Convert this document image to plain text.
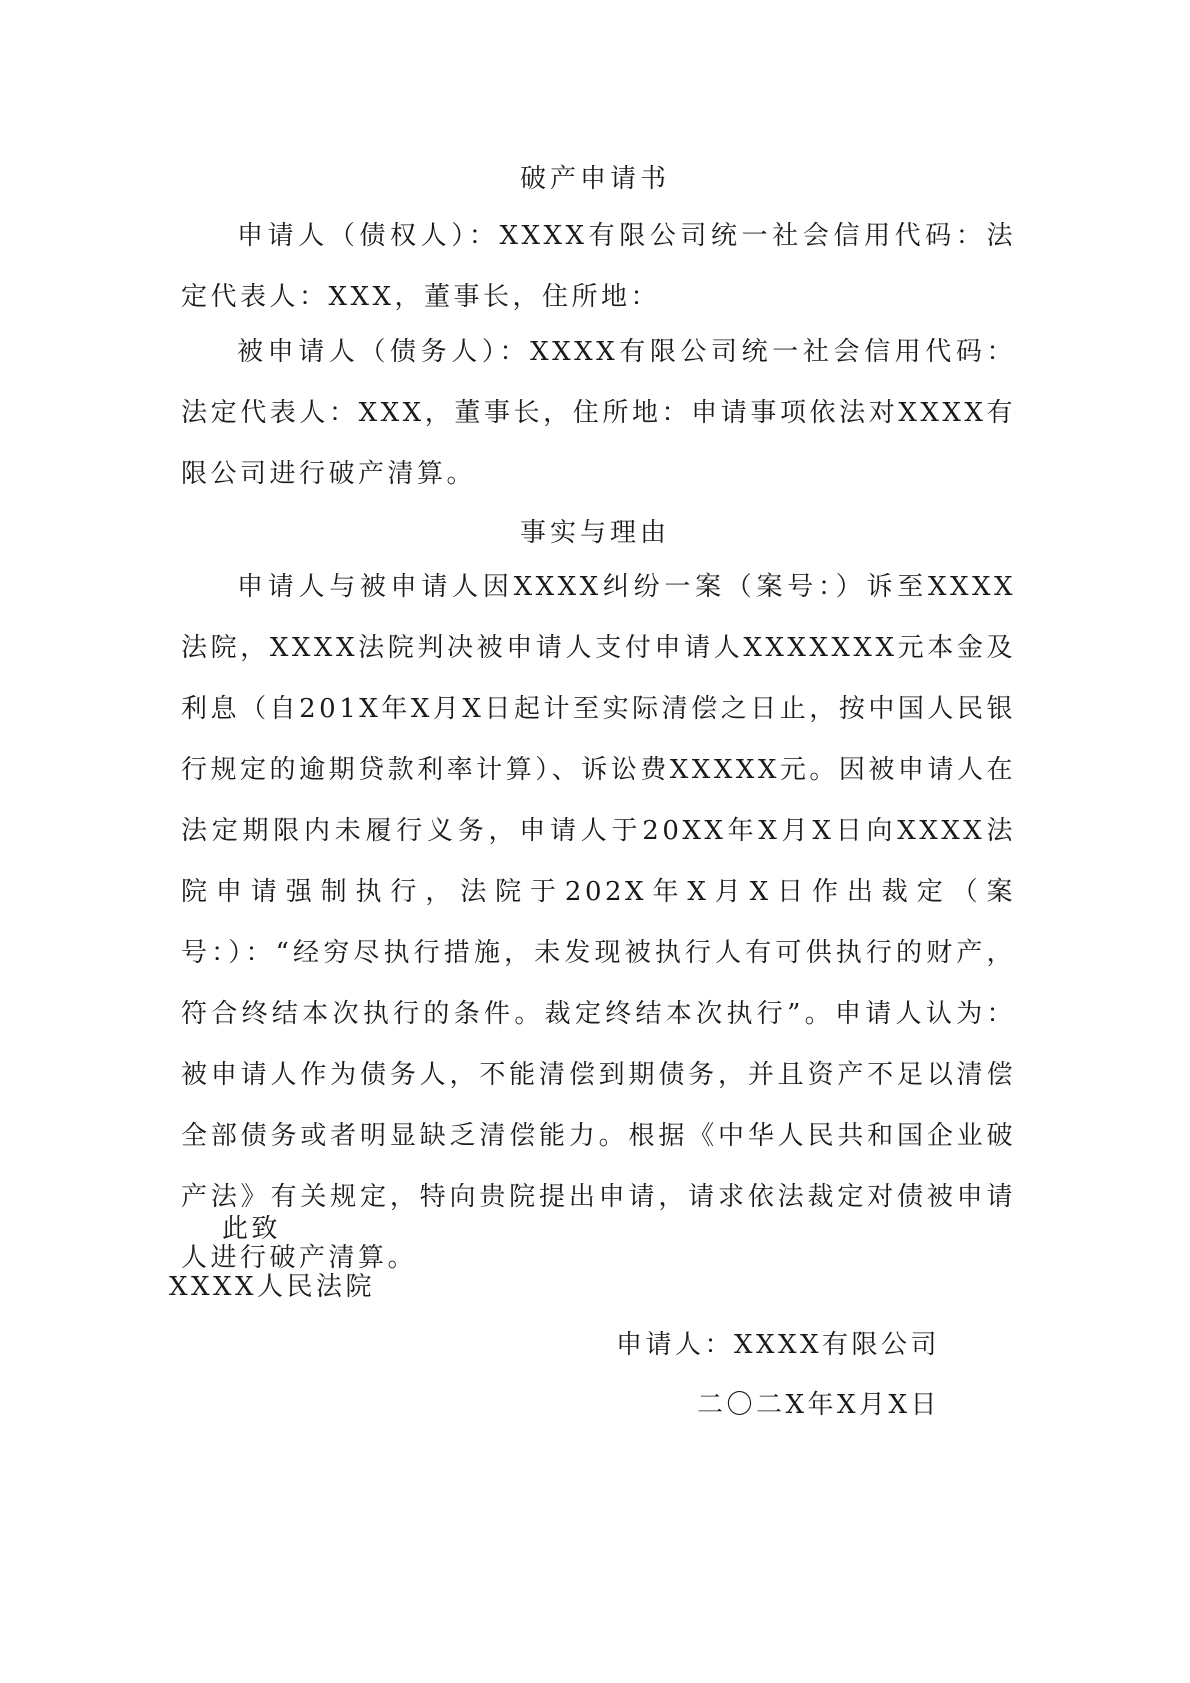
破产申请书
申请人（债权人）：XXXX有限公司统一社会信用代码：法定代表人：XXX，董事长，住所地：
被申请人（债务人）：XXXX有限公司统一社会信用代码：法定代表人：XXX，董事长，住所地：申请事项依法对XXXX有限公司进行破产清算。
事实与理由
申请人与被申请人因XXXX纠纷一案（案号：）诉至XXXX法院，XXXX法院判决被申请人支付申请人XXXXXXX元本金及利息（自201X年X月X日起计至实际清偿之日止，按中国人民银行规定的逾期贷款利率计算）、诉讼费XXXXX元。因被申请人在法定期限内未履行义务，申请人于20XX年X月X日向XXXX法院申请强制执行，法院于202X年X月X日作出裁定（案号：）：“经穷尽执行措施，未发现被执行人有可供执行的财产，符合终结本次执行的条件。裁定终结本次执行”。申请人认为：被申请人作为债务人，不能清偿到期债务，并且资产不足以清偿全部债务或者明显缺乏清偿能力。根据《中华人民共和国企业破产法》有关规定，特向贵院提出申请，请求依法裁定对债被申请人进行破产清算。
此致
XXXX人民法院
申请人：XXXX有限公司
二〇二X年X月X日
